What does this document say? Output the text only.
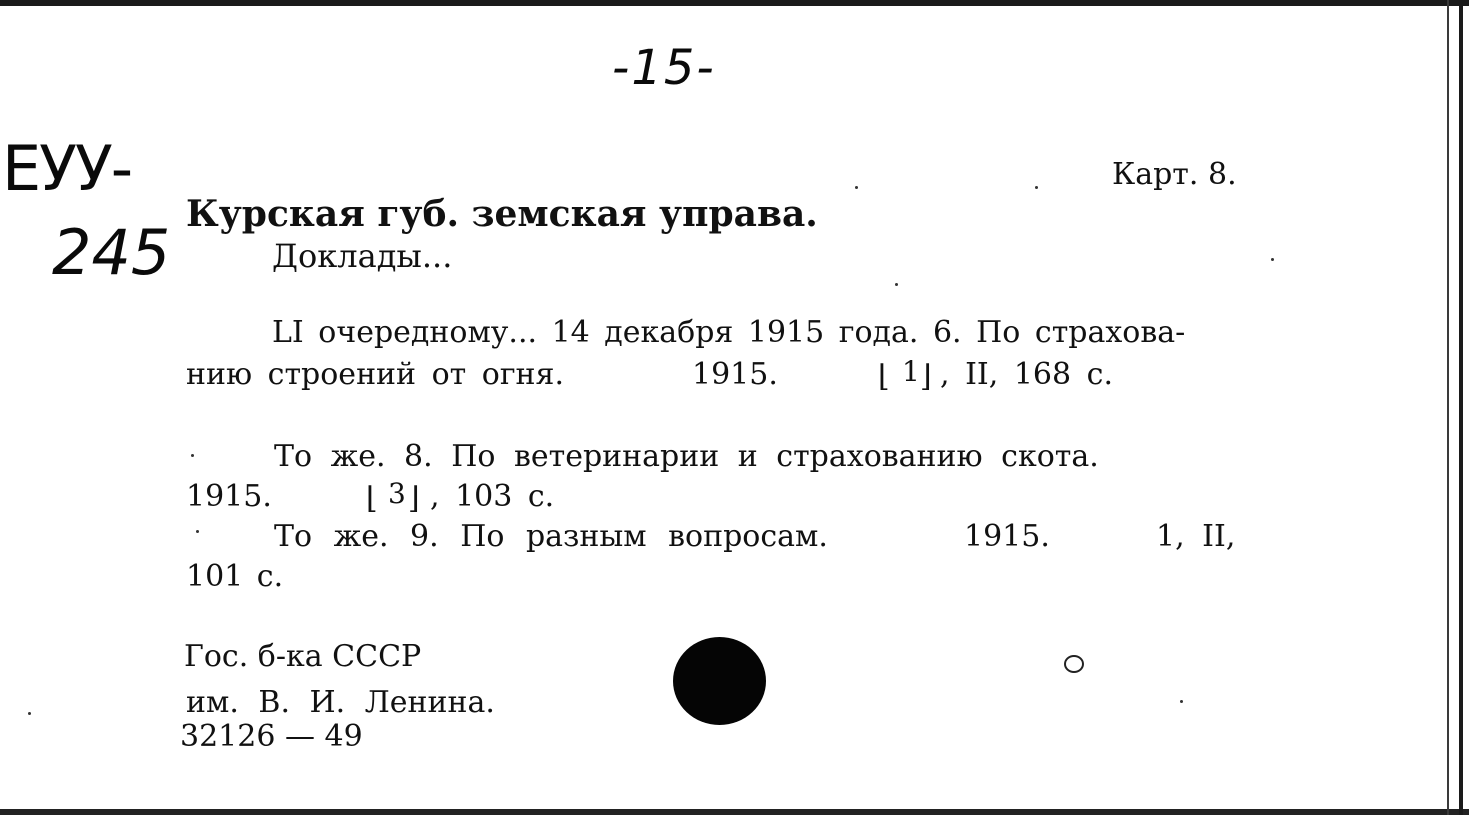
-15-
ЕУУ-
245

Карт. 8.

Курская губ. земская управа.

Доклады...

LI очередному... 14 декабря 1915 года. 6. По страхова-

нию строений от огня.	1915.	⌊ 1 ⌋ , II, 168 с.

То же. 8. По ветеринарии и страхованию скота.

1915.	⌊ 3 ⌋ , 103 с.

То же. 9. По разным вопросам.	1915.	1, II,

101 с.

Гос. б-ка СССР

им. В. И. Ленина.

32126 — 49
